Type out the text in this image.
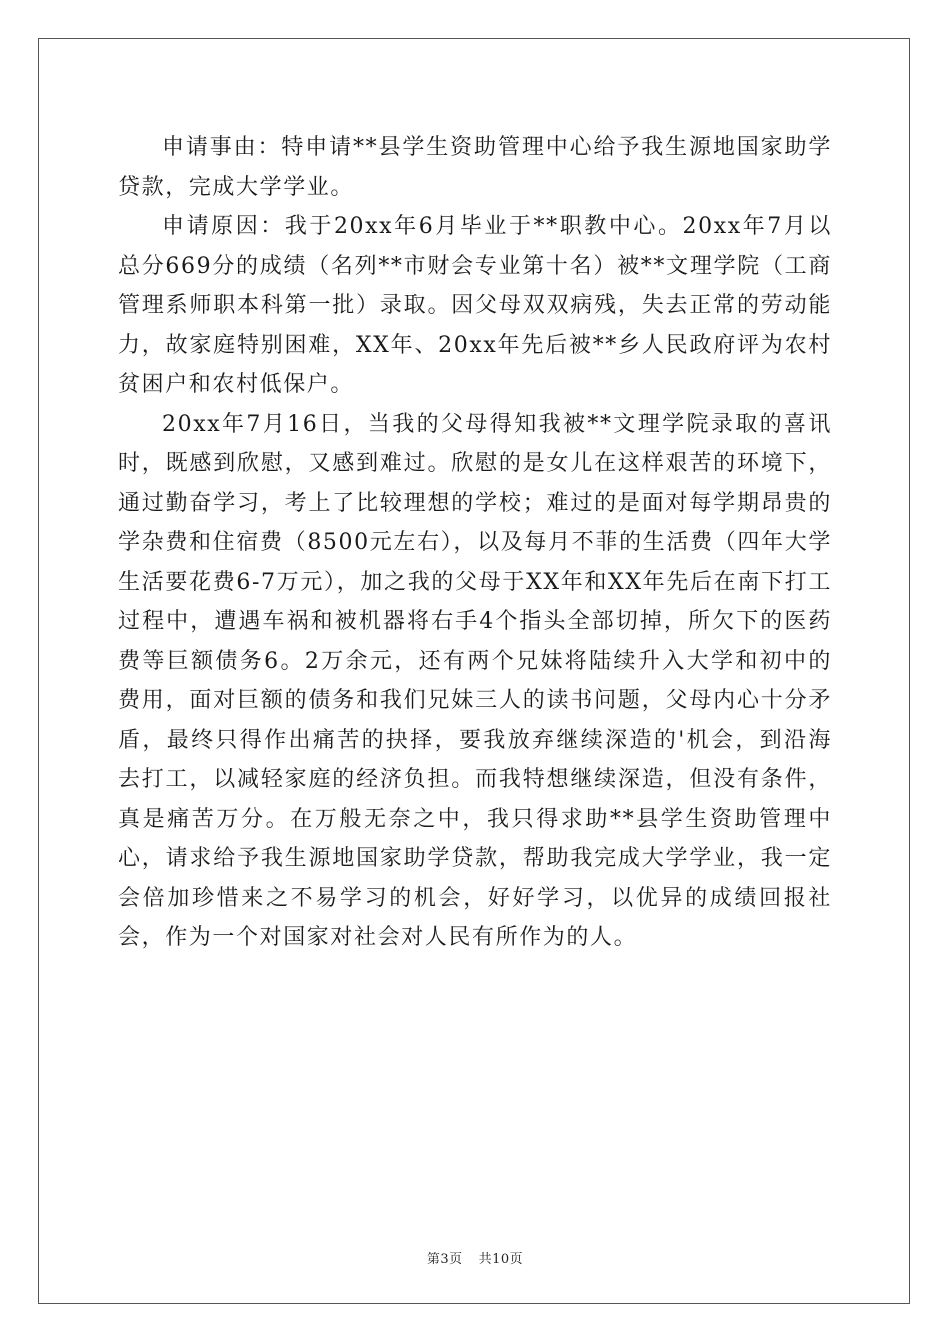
申请事由：特申请**县学生资助管理中心给予我生源地国家助学贷款，完成大学学业。

申请原因：我于20xx年6月毕业于**职教中心。20xx年7月以总分669分的成绩（名列**市财会专业第十名）被**文理学院（工商管理系师职本科第一批）录取。因父母双双病残，失去正常的劳动能力，故家庭特别困难，XX年、20xx年先后被**乡人民政府评为农村贫困户和农村低保户。

20xx年7月16日，当我的父母得知我被**文理学院录取的喜讯时，既感到欣慰，又感到难过。欣慰的是女儿在这样艰苦的环境下，通过勤奋学习，考上了比较理想的学校；难过的是面对每学期昂贵的学杂费和住宿费（8500元左右），以及每月不菲的生活费（四年大学生活要花费6-7万元），加之我的父母于XX年和XX年先后在南下打工过程中，遭遇车祸和被机器将右手4个指头全部切掉，所欠下的医药费等巨额债务6。2万余元，还有两个兄妹将陆续升入大学和初中的费用，面对巨额的债务和我们兄妹三人的读书问题，父母内心十分矛盾，最终只得作出痛苦的抉择，要我放弃继续深造的'机会，到沿海去打工，以减轻家庭的经济负担。而我特想继续深造，但没有条件，真是痛苦万分。在万般无奈之中，我只得求助**县学生资助管理中心，请求给予我生源地国家助学贷款，帮助我完成大学学业，我一定会倍加珍惜来之不易学习的机会，好好学习，以优异的成绩回报社会，作为一个对国家对社会对人民有所作为的人。

第3页 共10页
